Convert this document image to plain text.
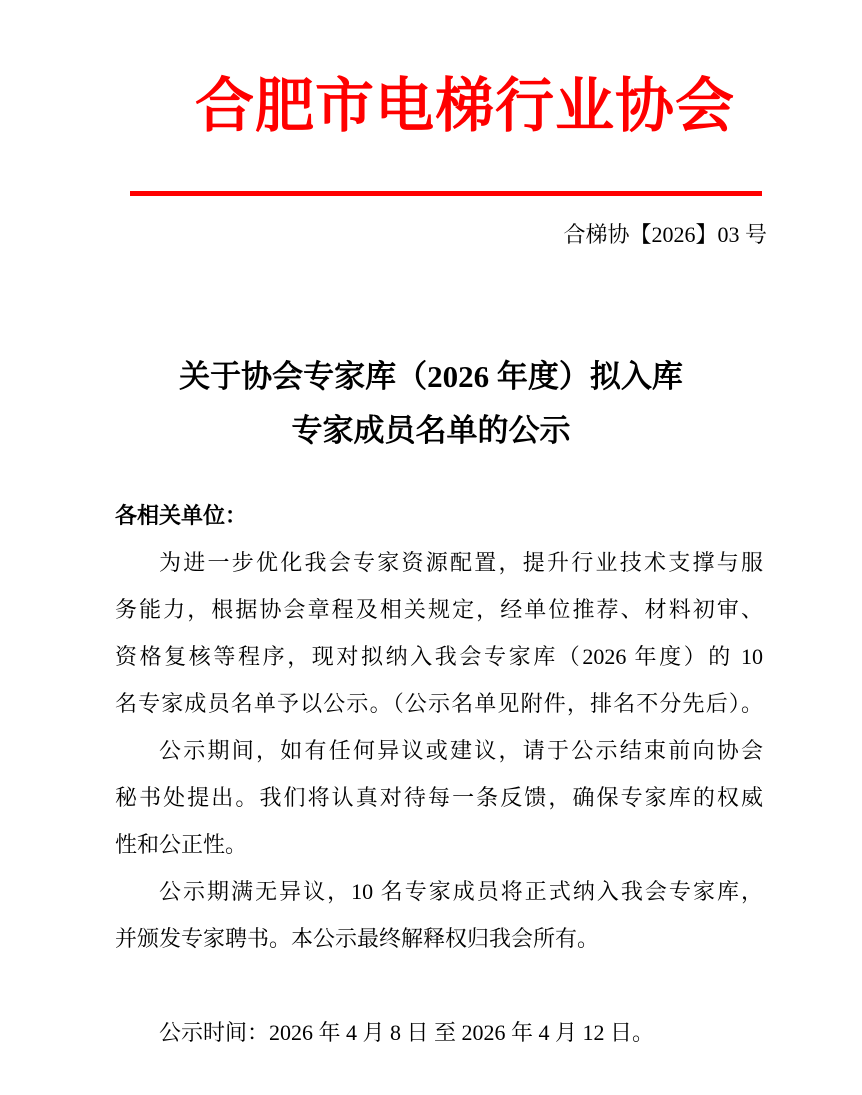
合肥市电梯行业协会
合梯协【2026】03 号
关于协会专家库（2026 年度）拟入库
专家成员名单的公示
各相关单位：
为进一步优化我会专家资源配置，提升行业技术支撑与服
务能力，根据协会章程及相关规定，经单位推荐、材料初审、
资格复核等程序，现对拟纳入我会专家库（2026 年度）的 10
名专家成员名单予以公示。（公示名单见附件，排名不分先后）。
公示期间，如有任何异议或建议，请于公示结束前向协会
秘书处提出。我们将认真对待每一条反馈，确保专家库的权威
性和公正性。
公示期满无异议，10 名专家成员将正式纳入我会专家库，
并颁发专家聘书。本公示最终解释权归我会所有。
公示时间：2026 年 4 月 8 日 至 2026 年 4 月 12 日。
